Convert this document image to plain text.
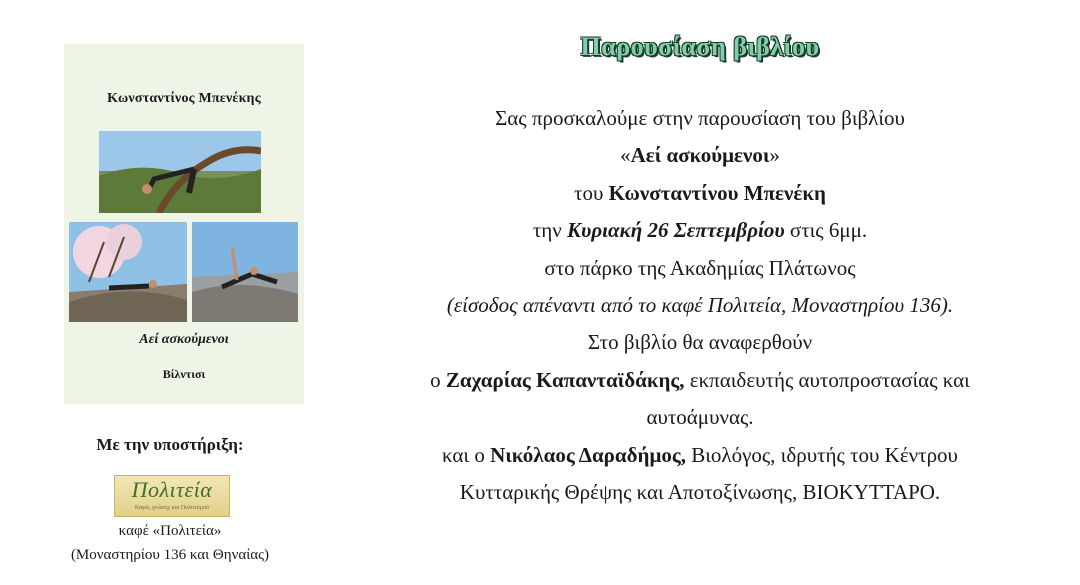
Κωνσταντίνος Μπενέκης
Αεί ασκούμενοι
Βίλντισι
Με την υποστήριξη:
Πολιτεία
Καφές γνώσης και Πολιτισμού
καφέ «Πολιτεία»
(Μοναστηρίου 136 και Θηναίας)
Παρουσίαση βιβλίου
Σας προσκαλούμε στην παρουσίαση του βιβλίου
«Αεί ασκούμενοι»
του Κωνσταντίνου Μπενέκη
την Κυριακή 26 Σεπτεμβρίου στις 6μμ.
στο πάρκο της Ακαδημίας Πλάτωνος
(είσοδος απέναντι από το καφέ Πολιτεία, Μοναστηρίου 136).
Στο βιβλίο θα αναφερθούν
ο Ζαχαρίας Καπανταϊδάκης, εκπαιδευτής αυτοπροστασίας και
αυτοάμυνας.
και ο Νικόλαος Δαραδήμος, Βιολόγος, ιδρυτής του Κέντρου
Κυτταρικής Θρέψης και Αποτοξίνωσης, ΒΙΟΚΥΤΤΑΡΟ.
